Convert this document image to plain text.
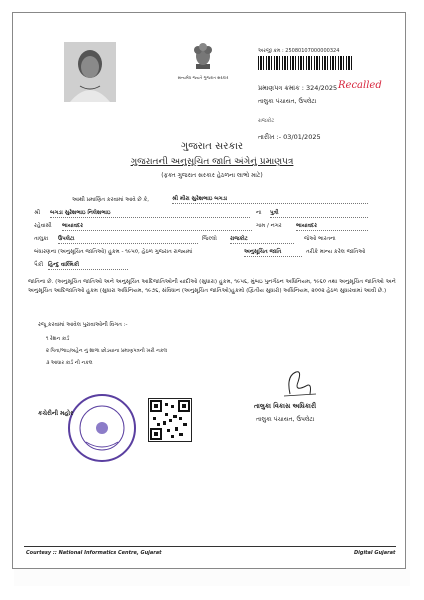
સત્યમેવ જયતે ગુજરાત સરકાર
અરજી ક્રમ : 25080107000000324
પ્રમાણપત્ર ક્રમાંક : 324/2025 Recalled
તાલુકા પંચાયત, ઉપલેટા
રાજકોટ
તારીખ :- 03/01/2025
ગુજરાત સરકાર
ગુજરાતની અનુસૂચિત જાતિ અંગેનું પ્રમાણપત્ર
(ફક્ત ગુજરાત સરકાર હેઠળના લાભો માટે)
આથી પ્રમાણિત કરવામાં આવે છે કે,	શ્રી મીરા સુરેશભાઇ બગડા
શ્રી બગડા સુરેશભાઇ નિલેશભાઇ	ના પુત્રી
રહેવાસી ભાયાવદર	ગામ / નગર	ભાયાવદર
તાલુકા ઉપલેટા	જિલ્લો રાજકોટ	જેઓ ભારતના
બંધારણના (અનુસૂચિત જાતિઓ) હુકમ - ૧૯૫૦, હેઠળ ગુજરાત રાજ્યમાં	અનુસૂચિત જાતિ	તરીકે માન્ય કરેલ જાતિઓ
પૈકી હિન્દુ વાલ્મિકી
જાતિના છે. (અનુસૂચિત જાતિઓ અને અનુસૂચિત આદિજાતિઓની યાદીઓ (સુધારા) હુકમ, ૧૯૫૬, મુંબઇ પુનર્ગઠન અધિનિયમ, ૧૯૬૦ તથા અનુસૂચિત જાતિઓ અને અનુસૂચિત આદિજાતિઓ હુકમ (સુધારા અધિનિયમ, ૧૯૭૬, સંવિધાન (અનુસૂચિત જાતિઓ)હુકમો (દ્વિતીય સુધારો) અધિનિયમ, ૨૦૦૨ હેઠળ સુધારવામાં આવી છે.)
રજૂ કરવામાં આવેલ પુરાવાઓની વિગત :-
૧ રેશન કાર્ડ
૨ પિતા/ભાઇ/બહેન નું શાળા છોડયાના પ્રમાણપત્રની ખરી નકલ
૩ આધાર કાર્ડ ની નકલ
કચેરીની મહોર
તાલુકા વિકાસ અધિકારી
તાલુકા પંચાયત, ઉપલેટા
Courtesy :: National Informatics Centre, Gujarat	Digital Gujarat
